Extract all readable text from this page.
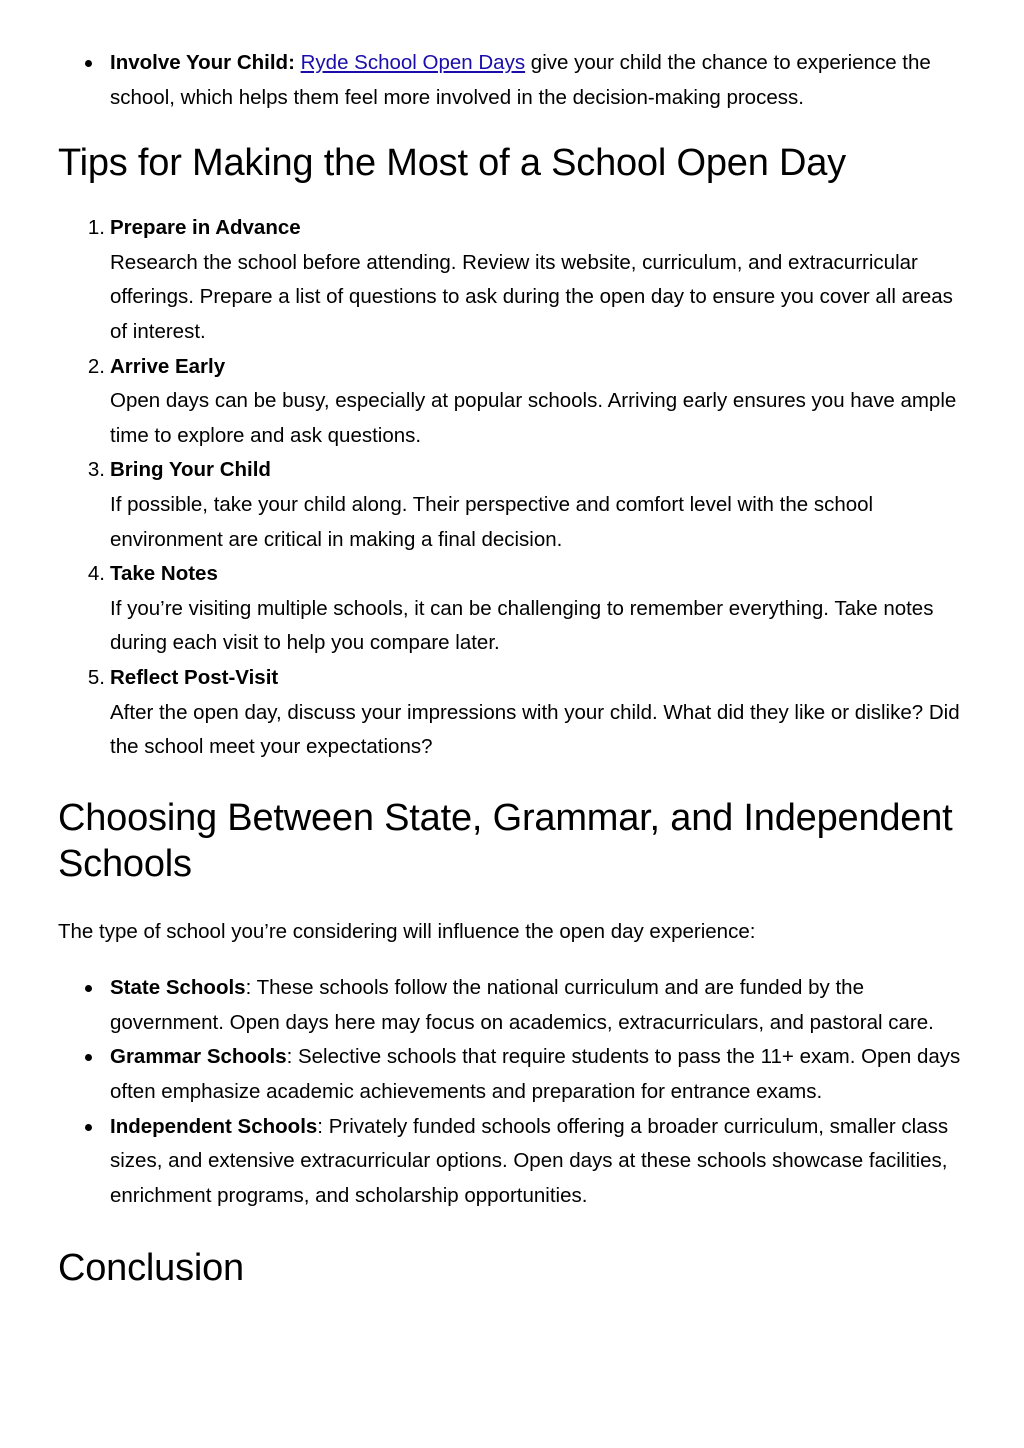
Involve Your Child: Ryde School Open Days give your child the chance to experience the school, which helps them feel more involved in the decision-making process.
Tips for Making the Most of a School Open Day
1. Prepare in Advance
Research the school before attending. Review its website, curriculum, and extracurricular offerings. Prepare a list of questions to ask during the open day to ensure you cover all areas of interest.
2. Arrive Early
Open days can be busy, especially at popular schools. Arriving early ensures you have ample time to explore and ask questions.
3. Bring Your Child
If possible, take your child along. Their perspective and comfort level with the school environment are critical in making a final decision.
4. Take Notes
If you’re visiting multiple schools, it can be challenging to remember everything. Take notes during each visit to help you compare later.
5. Reflect Post-Visit
After the open day, discuss your impressions with your child. What did they like or dislike? Did the school meet your expectations?
Choosing Between State, Grammar, and Independent
Schools

The type of school you’re considering will influence the open day experience:

State Schools: These schools follow the national curriculum and are funded by the government. Open days here may focus on academics, extracurriculars, and pastoral care.
Grammar Schools: Selective schools that require students to pass the 11+ exam. Open days often emphasize academic achievements and preparation for entrance exams.
Independent Schools: Privately funded schools offering a broader curriculum, smaller class sizes, and extensive extracurricular options. Open days at these schools showcase facilities, enrichment programs, and scholarship opportunities.
Conclusion
